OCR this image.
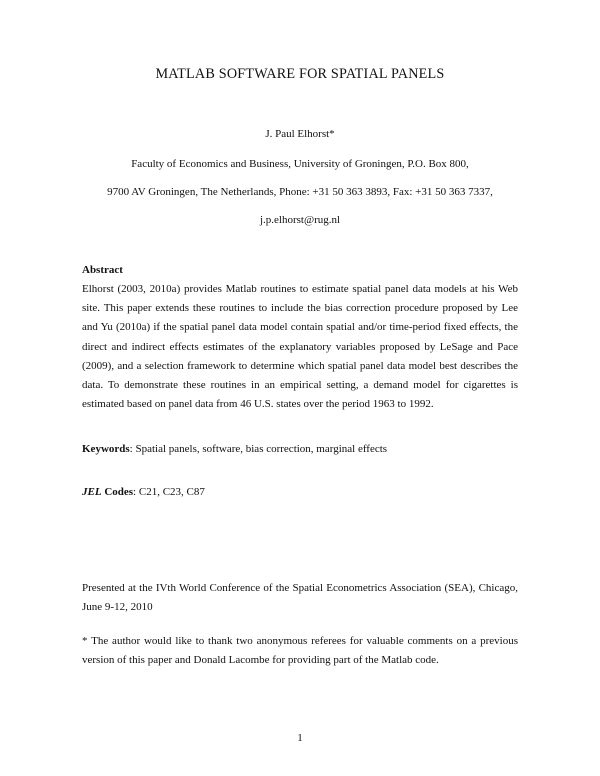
MATLAB SOFTWARE FOR SPATIAL PANELS
J. Paul Elhorst*
Faculty of Economics and Business, University of Groningen, P.O. Box 800,
9700 AV Groningen, The Netherlands, Phone: +31 50 363 3893, Fax: +31 50 363 7337,
j.p.elhorst@rug.nl
Abstract
Elhorst (2003, 2010a) provides Matlab routines to estimate spatial panel data models at his Web site. This paper extends these routines to include the bias correction procedure proposed by Lee and Yu (2010a) if the spatial panel data model contain spatial and/or time-period fixed effects, the direct and indirect effects estimates of the explanatory variables proposed by LeSage and Pace (2009), and a selection framework to determine which spatial panel data model best describes the data. To demonstrate these routines in an empirical setting, a demand model for cigarettes is estimated based on panel data from 46 U.S. states over the period 1963 to 1992.
Keywords: Spatial panels, software, bias correction, marginal effects
JEL Codes: C21, C23, C87
Presented at the IVth World Conference of the Spatial Econometrics Association (SEA), Chicago, June 9-12, 2010
* The author would like to thank two anonymous referees for valuable comments on a previous version of this paper and Donald Lacombe for providing part of the Matlab code.
1
